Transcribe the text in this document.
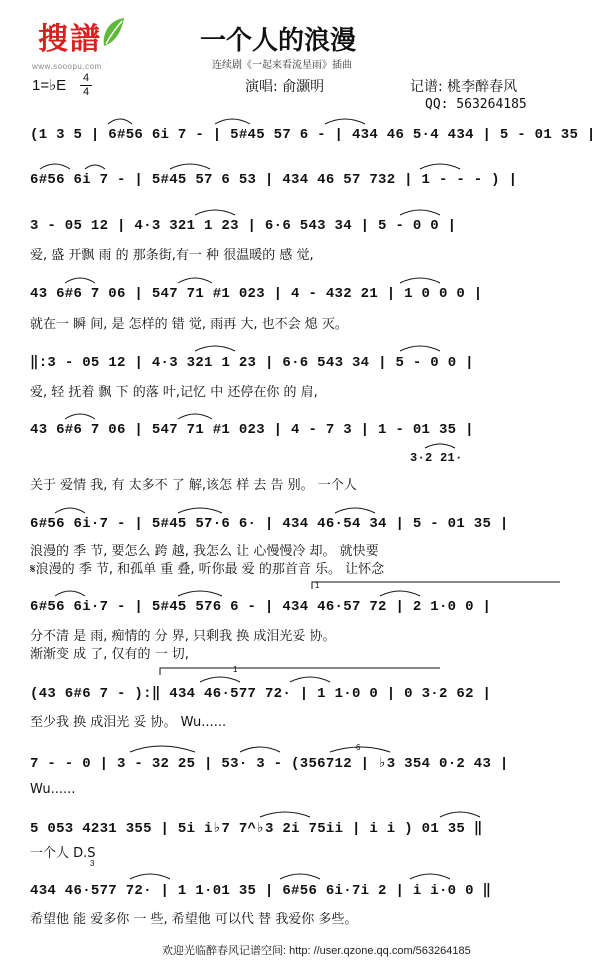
搜譜
www.sooopu.com
一个人的浪漫
连续剧《一起来看流星雨》插曲
1=♭E 4
4	演唱: 俞灏明	记谱: 桃李醉春风
QQ: 563264185
(1 3 5 | 6#56 6i 7 - | 5#45 57 6 - | 434 46 5·4 434 | 5 - 01 35 |
6#56 6i 7 - | 5#45 57 6 53 | 434 46 57 732 | 1 - - - ) |
3 - 05 12 | 4·3 321 1 23 | 6·6 543 34 | 5 - 0 0 |
爱, 盛 开飘 雨 的 那条街,有一 种 很温暖的 感 觉,
43 6#6 7 06 | 547 71 #1 023 | 4 - 432 21 | 1 0 0 0 |
就在一 瞬 间, 是 怎样的 错 觉, 雨再 大, 也不会 熄 灭。
‖:3 - 05 12 | 4·3 321 1 23 | 6·6 543 34 | 5 - 0 0 |
爱, 轻 抚着 飘 下 的落 叶,记忆 中 还停在你 的 肩,
43 6#6 7 06 | 547 71 #1 023 | 4 - 7 3 | 1 - 01 35 |
3·2 21·
关于 爱情 我, 有 太多不 了 解,该怎 样 去 告 别。 一个人
6#56 6i·7 - | 5#45 57·6 6· | 434 46·54 34 | 5 - 01 35 |
浪漫的 季 节, 要怎么 跨 越, 我怎么 让 心慢慢冷 却。 就快要
𝄋浪漫的 季 节, 和孤单 重 叠, 听你最 爱 的那首音 乐。 让怀念
6#56 6i·7 - | 5#45 576 6 - | 434 46·57 72 | 2 1·0 0 |
分不清 是 雨, 痴情的 分 界, 只剩我 换 成泪光妥 协。
渐渐变 成 了, 仅有的 一 切,
(43 6#6 7 - ):‖ 434 46·577 72· | 1 1·0 0 | 0 3·2 62 |
至少我 换 成泪光 妥 协。 Wu......
7 - - 0 | 3 - 32 25 | 53· 3 - (356712 | ♭3 354 0·2 43 |
Wu......
5 053 4231 355 | 5i i♭7 7^♭3 2i 75ii | i i ) 01 35 ‖
一个人 D.S
434 46·577 72· | 1 1·01 35 | 6#56 6i·7i 2 | i i·0 0 ‖
希望他 能 爱多你 一 些, 希望他 可以代 替 我爱你 多些。
1
1
6
3
欢迎光临醉春风记谱空间: http: //user.qzone.qq.com/563264185
